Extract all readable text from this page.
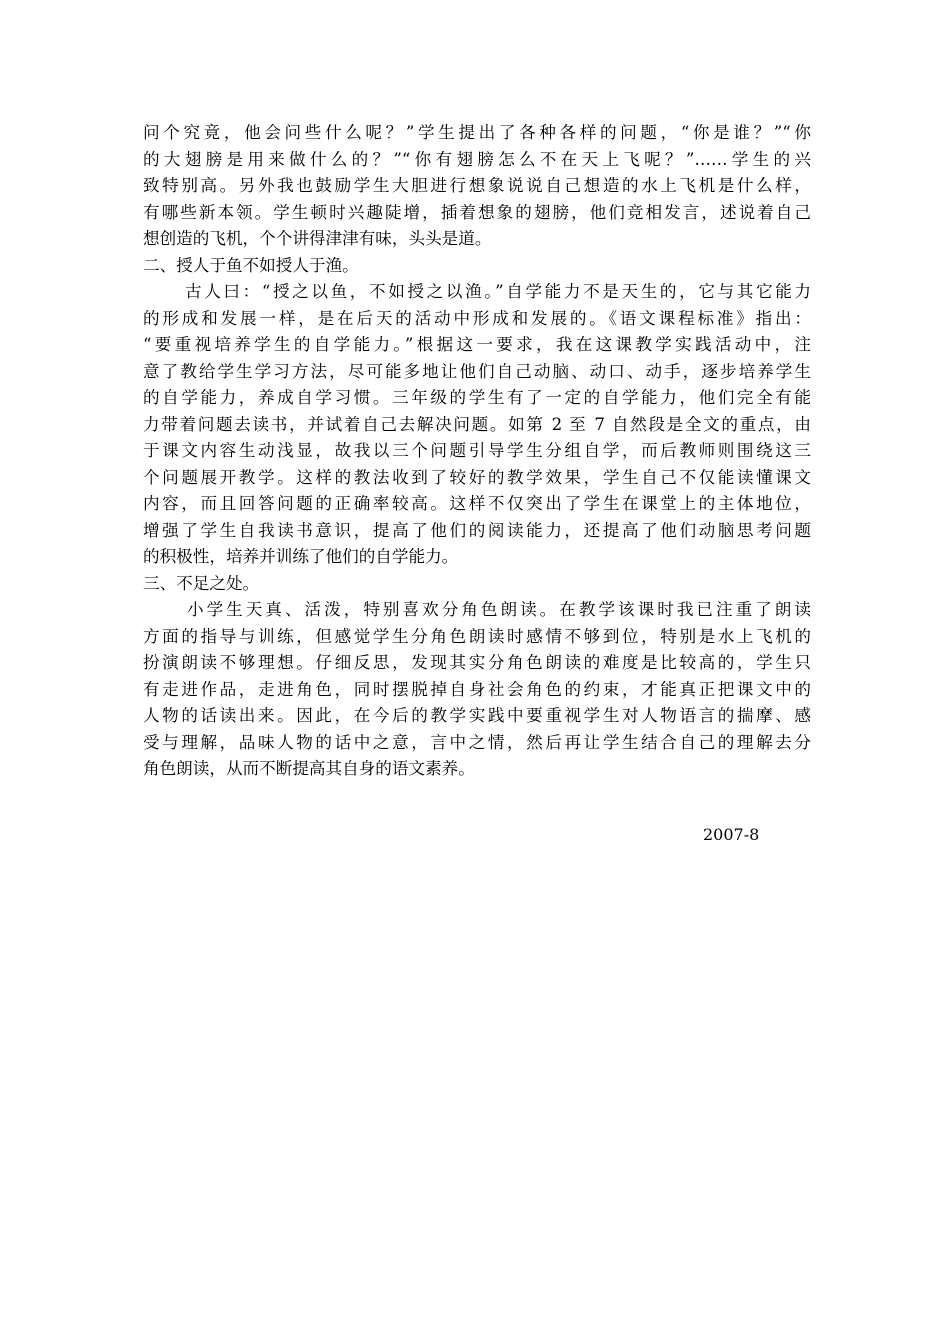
问个究竟，他会问些什么呢？”学生提出了各种各样的问题，“你是谁？”“你
的大翅膀是用来做什么的？”“你有翅膀怎么不在天上飞呢？”……学生的兴
致特别高。另外我也鼓励学生大胆进行想象说说自己想造的水上飞机是什么样，
有哪些新本领。学生顿时兴趣陡增，插着想象的翅膀，他们竞相发言，述说着自己
想创造的飞机，个个讲得津津有味，头头是道。
二、授人于鱼不如授人于渔。
古人曰：“授之以鱼，不如授之以渔。”自学能力不是天生的，它与其它能力
的形成和发展一样，是在后天的活动中形成和发展的。《语文课程标准》指出：
“要重视培养学生的自学能力。”根据这一要求，我在这课教学实践活动中，注
意了教给学生学习方法，尽可能多地让他们自己动脑、动口、动手，逐步培养学生
的自学能力，养成自学习惯。三年级的学生有了一定的自学能力，他们完全有能
力带着问题去读书，并试着自己去解决问题。如第 2 至 7 自然段是全文的重点，由
于课文内容生动浅显，故我以三个问题引导学生分组自学，而后教师则围绕这三
个问题展开教学。这样的教法收到了较好的教学效果，学生自己不仅能读懂课文
内容，而且回答问题的正确率较高。这样不仅突出了学生在课堂上的主体地位，
增强了学生自我读书意识，提高了他们的阅读能力，还提高了他们动脑思考问题
的积极性，培养并训练了他们的自学能力。
三、不足之处。
小学生天真、活泼，特别喜欢分角色朗读。在教学该课时我已注重了朗读
方面的指导与训练，但感觉学生分角色朗读时感情不够到位，特别是水上飞机的
扮演朗读不够理想。仔细反思，发现其实分角色朗读的难度是比较高的，学生只
有走进作品，走进角色，同时摆脱掉自身社会角色的约束，才能真正把课文中的
人物的话读出来。因此，在今后的教学实践中要重视学生对人物语言的揣摩、感
受与理解，品味人物的话中之意，言中之情，然后再让学生结合自己的理解去分
角色朗读，从而不断提高其自身的语文素养。
2007-8
